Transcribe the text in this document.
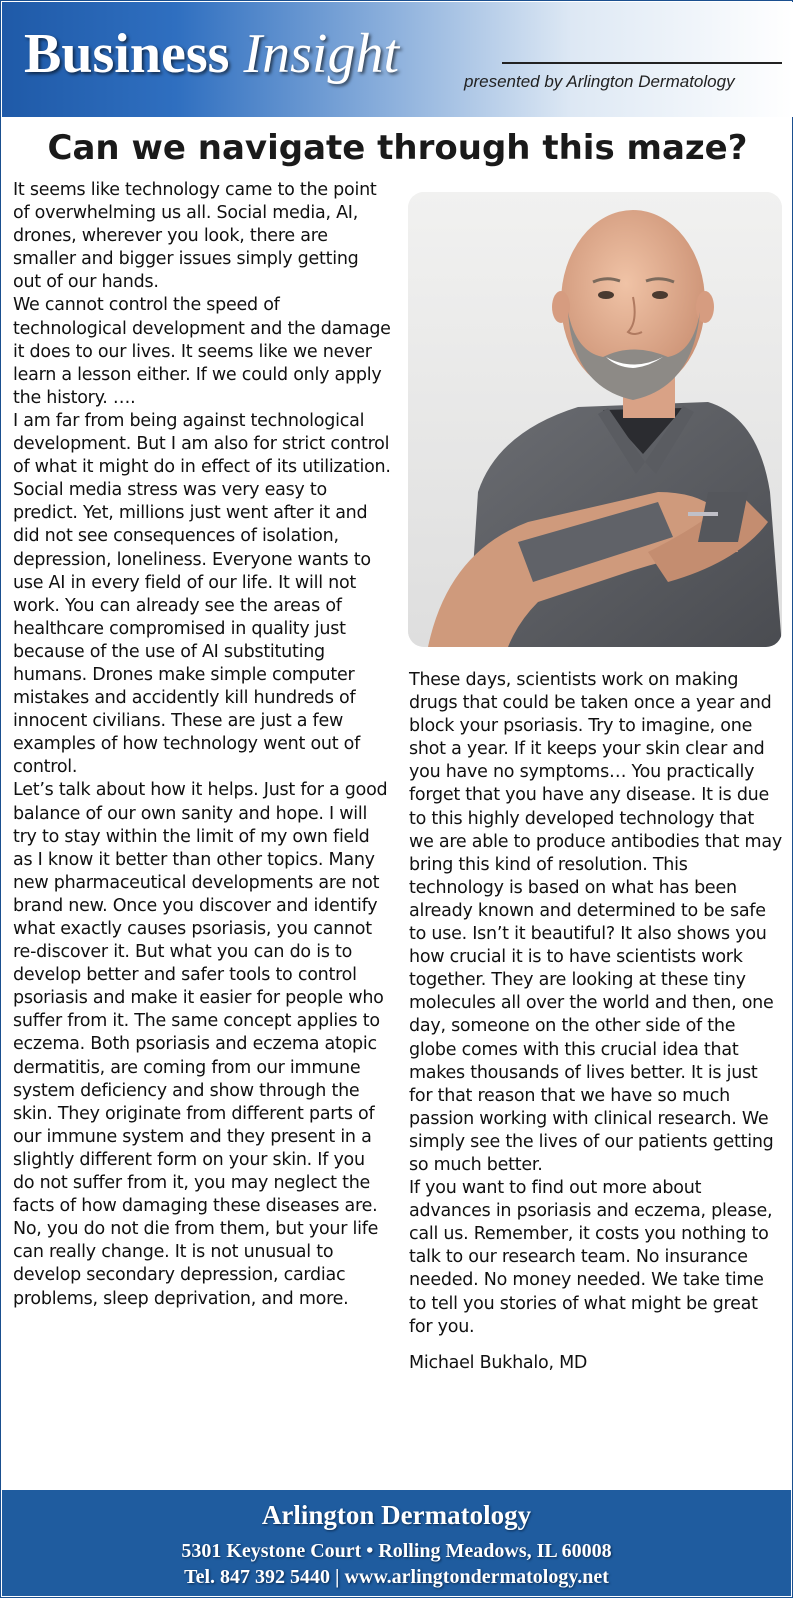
Business Insight	presented by Arlington Dermatology
Can we navigate through this maze?

It seems like technology came to the point of overwhelming us all. Social media, AI, drones, wherever you look, there are smaller and bigger issues simply getting out of our hands.

We cannot control the speed of technological development and the damage it does to our lives. It seems like we never learn a lesson either. If we could only apply the history. ….

I am far from being against technological development. But I am also for strict control of what it might do in effect of its utilization. Social media stress was very easy to predict. Yet, millions just went after it and did not see consequences of isolation, depression, loneliness. Everyone wants to use AI in every field of our life. It will not work. You can already see the areas of healthcare compromised in quality just because of the use of AI substituting humans. Drones make simple computer mistakes and accidently kill hundreds of innocent civilians. These are just a few examples of how technology went out of control.

Let’s talk about how it helps. Just for a good balance of our own sanity and hope. I will try to stay within the limit of my own field as I know it better than other topics. Many new pharmaceutical developments are not brand new. Once you discover and identify what exactly causes psoriasis, you cannot re-discover it. But what you can do is to develop better and safer tools to control psoriasis and make it easier for people who suffer from it. The same concept applies to eczema. Both psoriasis and eczema atopic dermatitis, are coming from our immune system deficiency and show through the skin. They originate from different parts of our immune system and they present in a slightly different form on your skin. If you do not suffer from it, you may neglect the facts of how damaging these diseases are. No, you do not die from them, but your life can really change. It is not unusual to develop secondary depression, cardiac problems, sleep deprivation, and more.

These days, scientists work on making drugs that could be taken once a year and block your psoriasis. Try to imagine, one shot a year. If it keeps your skin clear and you have no symptoms… You practically forget that you have any disease. It is due to this highly developed technology that we are able to produce antibodies that may bring this kind of resolution. This technology is based on what has been already known and determined to be safe to use. Isn’t it beautiful? It also shows you how crucial it is to have scientists work together. They are looking at these tiny molecules all over the world and then, one day, someone on the other side of the globe comes with this crucial idea that makes thousands of lives better. It is just for that reason that we have so much passion working with clinical research. We simply see the lives of our patients getting so much better.

If you want to find out more about advances in psoriasis and eczema, please, call us. Remember, it costs you nothing to talk to our research team. No insurance needed. No money needed. We take time to tell you stories of what might be great for you.

Michael Bukhalo, MD

Arlington Dermatology
5301 Keystone Court • Rolling Meadows, IL 60008
Tel. 847 392 5440 | www.arlingtondermatology.net
